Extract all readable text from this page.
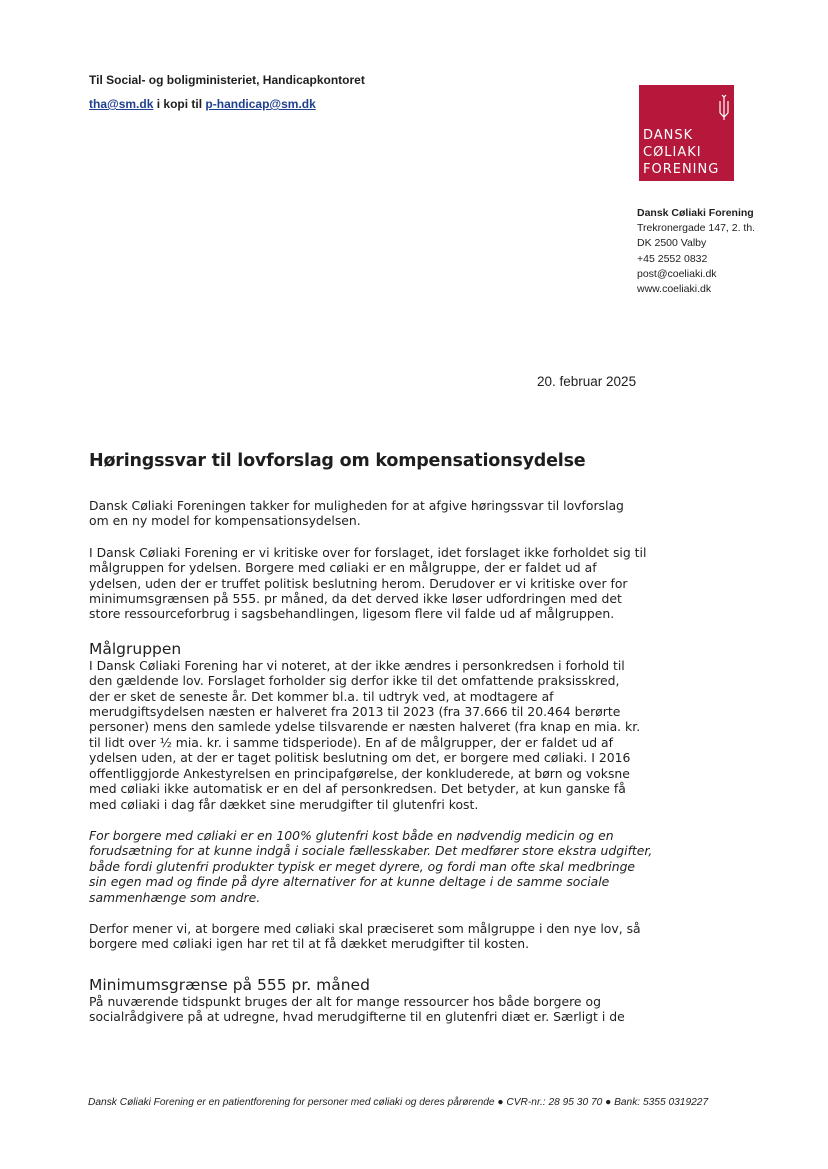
Til Social- og boligministeriet, Handicapkontoret
tha@sm.dk i kopi til p-handicap@sm.dk
DANSK
CØLIAKI
FORENING
Dansk Cøliaki Forening
Trekronergade 147, 2. th.
DK 2500 Valby
+45 2552 0832
post@coeliaki.dk
www.coeliaki.dk
20. februar 2025
Høringssvar til lovforslag om kompensationsydelse

Dansk Cøliaki Foreningen takker for muligheden for at afgive høringssvar til lovforslag
om en ny model for kompensationsydelsen.

I Dansk Cøliaki Forening er vi kritiske over for forslaget, idet forslaget ikke forholdet sig til
målgruppen for ydelsen. Borgere med cøliaki er en målgruppe, der er faldet ud af
ydelsen, uden der er truffet politisk beslutning herom. Derudover er vi kritiske over for
minimumsgrænsen på 555. pr måned, da det derved ikke løser udfordringen med det
store ressourceforbrug i sagsbehandlingen, ligesom flere vil falde ud af målgruppen.

Målgruppen

I Dansk Cøliaki Forening har vi noteret, at der ikke ændres i personkredsen i forhold til
den gældende lov. Forslaget forholder sig derfor ikke til det omfattende praksisskred,
der er sket de seneste år. Det kommer bl.a. til udtryk ved, at modtagere af
merudgiftsydelsen næsten er halveret fra 2013 til 2023 (fra 37.666 til 20.464 berørte
personer) mens den samlede ydelse tilsvarende er næsten halveret (fra knap en mia. kr.
til lidt over ½ mia. kr. i samme tidsperiode). En af de målgrupper, der er faldet ud af
ydelsen uden, at der er taget politisk beslutning om det, er borgere med cøliaki. I 2016
offentliggjorde Ankestyrelsen en principafgørelse, der konkluderede, at børn og voksne
med cøliaki ikke automatisk er en del af personkredsen. Det betyder, at kun ganske få
med cøliaki i dag får dækket sine merudgifter til glutenfri kost.

For borgere med cøliaki er en 100% glutenfri kost både en nødvendig medicin og en
forudsætning for at kunne indgå i sociale fællesskaber. Det medfører store ekstra udgifter,
både fordi glutenfri produkter typisk er meget dyrere, og fordi man ofte skal medbringe
sin egen mad og finde på dyre alternativer for at kunne deltage i de samme sociale
sammenhænge som andre.

Derfor mener vi, at borgere med cøliaki skal præciseret som målgruppe i den nye lov, så
borgere med cøliaki igen har ret til at få dækket merudgifter til kosten.

Minimumsgrænse på 555 pr. måned

På nuværende tidspunkt bruges der alt for mange ressourcer hos både borgere og
socialrådgivere på at udregne, hvad merudgifterne til en glutenfri diæt er. Særligt i de

Dansk Cøliaki Forening er en patientforening for personer med cøliaki og deres pårørende ● CVR-nr.: 28 95 30 70 ● Bank: 5355 0319227
